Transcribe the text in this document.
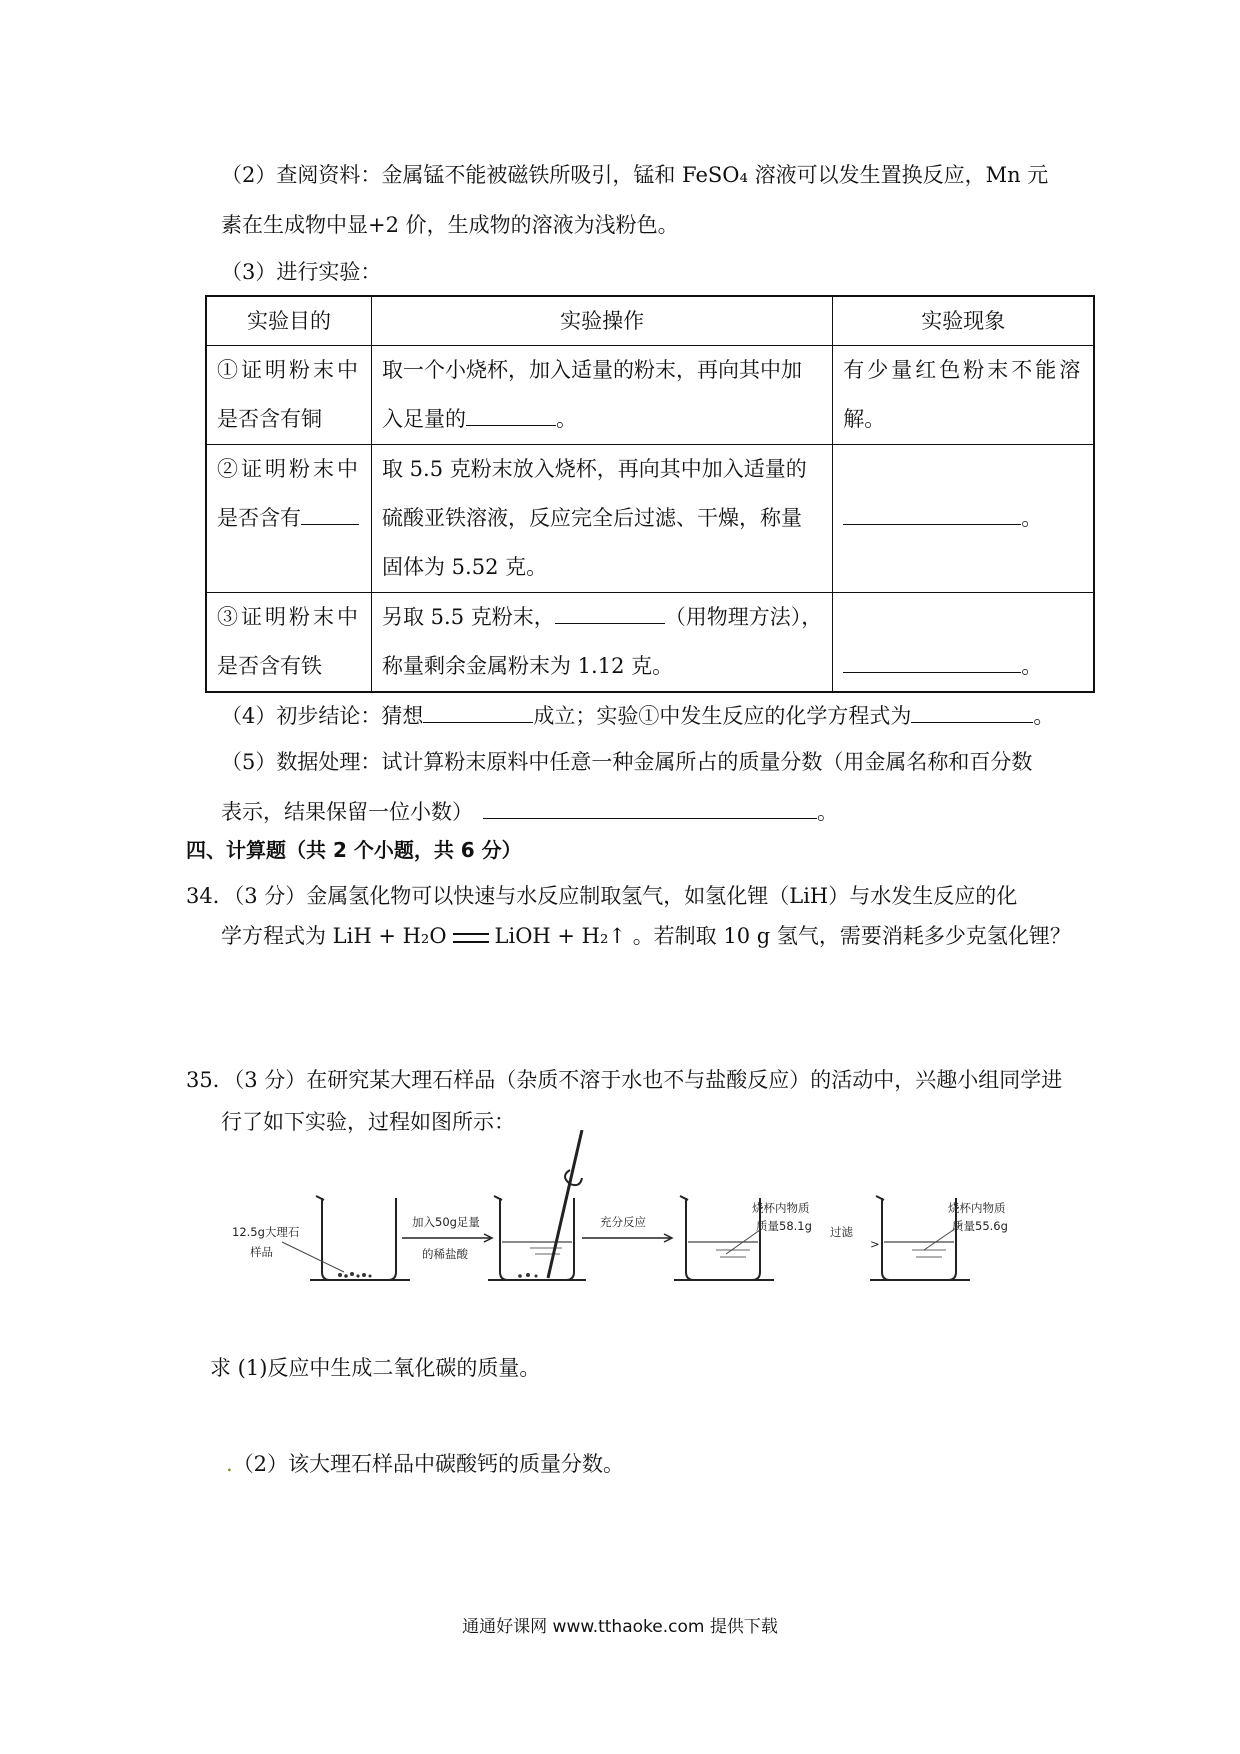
（2）查阅资料：金属锰不能被磁铁所吸引，锰和 FeSO₄ 溶液可以发生置换反应，Mn 元
素在生成物中显+2 价，生成物的溶液为浅粉色。
（3）进行实验：
实验目的	实验操作	实验现象

①证明粉末中
是否含有铜	取一个小烧杯，加入适量的粉末，再向其中加
入足量的 。	有少量红色粉末不能溶
解。

②证明粉末中
是否含有	取 5.5 克粉末放入烧杯，再向其中加入适量的
硫酸亚铁溶液，反应完全后过滤、干燥，称量
固体为 5.52 克。	。

③证明粉末中
是否含有铁	另取 5.5 克粉末， （用物理方法），
称量剩余金属粉末为 1.12 克。	。
（4）初步结论：猜想	成立；实验①中发生反应的化学方程式为	。
（5）数据处理：试计算粉末原料中任意一种金属所占的质量分数（用金属名称和百分数
表示，结果保留一位小数）	。
四、计算题（共 2 个小题，共 6 分）
34．（3 分）金属氢化物可以快速与水反应制取氢气，如氢化锂（LiH）与水发生反应的化
学方程式为 LiH + H₂O LiOH + H₂↑ 。若制取 10 g 氢气，需要消耗多少克氢化锂？
35．（3 分）在研究某大理石样品（杂质不溶于水也不与盐酸反应）的活动中，兴趣小组同学进
行了如下实验，过程如图所示：
12.5g大理石
样品
加入50g足量
的稀盐酸
充分反应
烧杯内物质
质量58.1g 过滤
>
烧杯内物质
质量55.6g
求 (1)反应中生成二氧化碳的质量。
.（2）该大理石样品中碳酸钙的质量分数。
通通好课网 www.tthaoke.com 提供下载
